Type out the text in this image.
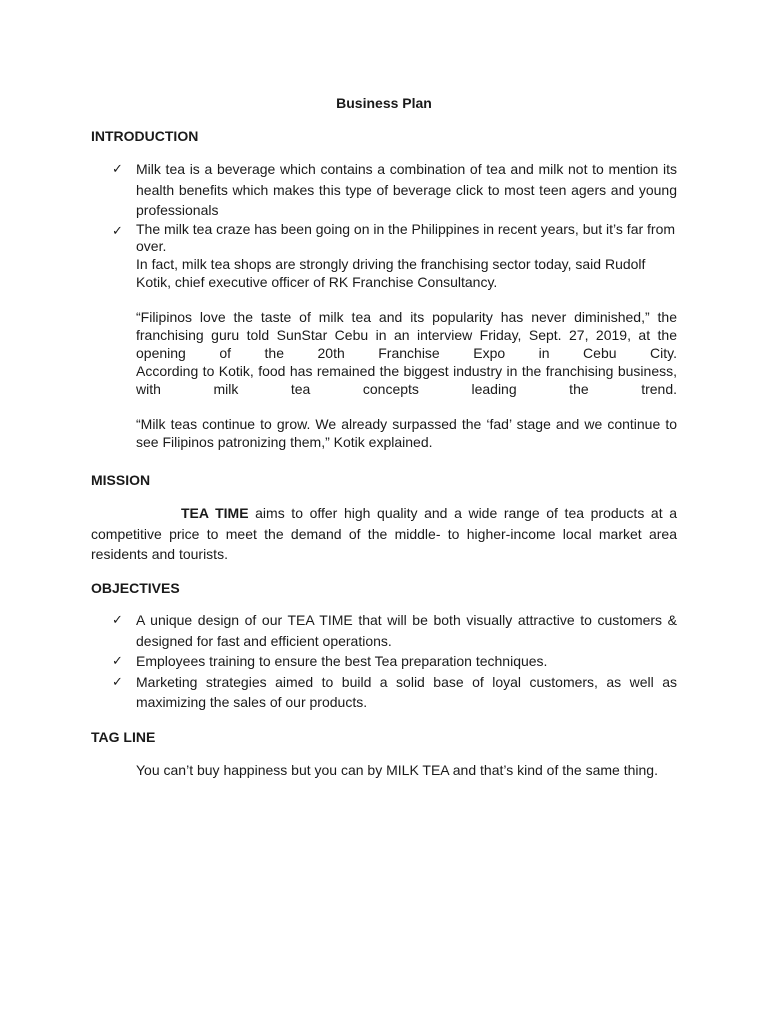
Business Plan
INTRODUCTION
✓ Milk tea is a beverage which contains a combination of tea and milk not to mention its health benefits which makes this type of beverage click to most teen agers and young professionals
✓ The milk tea craze has been going on in the Philippines in recent years, but it’s far from over.
In fact, milk tea shops are strongly driving the franchising sector today, said Rudolf Kotik, chief executive officer of RK Franchise Consultancy.
“Filipinos love the taste of milk tea and its popularity has never diminished,” the franchising guru told SunStar Cebu in an interview Friday, Sept. 27, 2019, at the opening of the 20th Franchise Expo in Cebu City.
According to Kotik, food has remained the biggest industry in the franchising business, with milk tea concepts leading the trend.
“Milk teas continue to grow. We already surpassed the ‘fad’ stage and we continue to see Filipinos patronizing them,” Kotik explained.
MISSION

TEA TIME aims to offer high quality and a wide range of tea products at a competitive price to meet the demand of the middle- to higher-income local market area residents and tourists.

OBJECTIVES
✓ A unique design of our TEA TIME that will be both visually attractive to customers & designed for fast and efficient operations.
✓ Employees training to ensure the best Tea preparation techniques.
✓ Marketing strategies aimed to build a solid base of loyal customers, as well as maximizing the sales of our products.
TAG LINE

You can’t buy happiness but you can by MILK TEA and that’s kind of the same thing.
